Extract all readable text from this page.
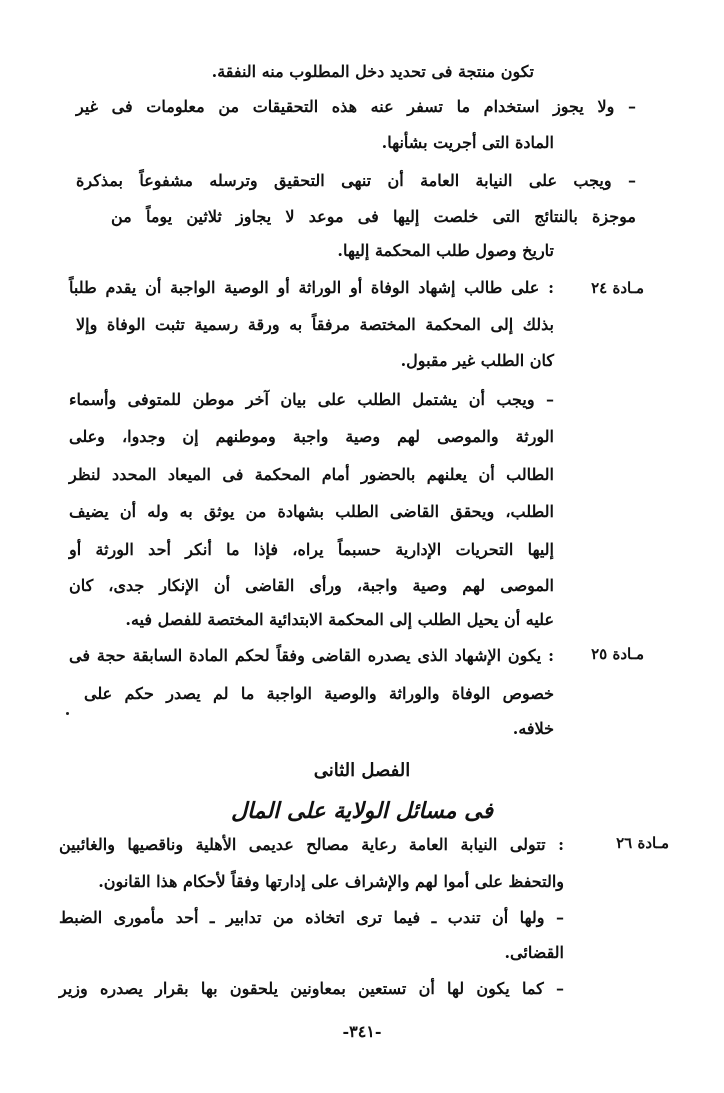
تكون منتجة فى تحديد دخل المطلوب منه النفقة.
– ولا يجوز استخدام ما تسفر عنه هذه التحقيقات من معلومات فى غير
المادة التى أجريت بشأنها.
– ويجب على النيابة العامة أن تنهى التحقيق وترسله مشفوعاً بمذكرة
موجزة بالنتائج التى خلصت إليها فى موعد لا يجاوز ثلاثين يوماً من
تاريخ وصول طلب المحكمة إليها.
مـادة ٢٤
: على طالب إشهاد الوفاة أو الوراثة أو الوصية الواجبة أن يقدم طلباً
بذلك إلى المحكمة المختصة مرفقاً به ورقة رسمية تثبت الوفاة وإلا
كان الطلب غير مقبول.
– ويجب أن يشتمل الطلب على بيان آخر موطن للمتوفى وأسماء
الورثة والموصى لهم وصية واجبة وموطنهم إن وجدوا، وعلى
الطالب أن يعلنهم بالحضور أمام المحكمة فى الميعاد المحدد لنظر
الطلب، ويحقق القاضى الطلب بشهادة من يوثق به وله أن يضيف
إليها التحريات الإدارية حسبماً يراه، فإذا ما أنكر أحد الورثة أو
الموصى لهم وصية واجبة، ورأى القاضى أن الإنكار جدى، كان
عليه أن يحيل الطلب إلى المحكمة الابتدائية المختصة للفصل فيه.
مـادة ٢٥
: يكون الإشهاد الذى يصدره القاضى وفقاً لحكم المادة السابقة حجة فى
خصوص الوفاة والوراثة والوصية الواجبة ما لم يصدر حكم على
خلافه.
الفصل الثانى
فى مسائل الولاية على المال
مـادة ٢٦
: تتولى النيابة العامة رعاية مصالح عديمى الأهلية وناقصيها والغائبين
والتحفظ على أموا لهم والإشراف على إدارتها وفقاً لأحكام هذا القانون.
– ولها أن تندب ـ فيما ترى اتخاذه من تدابير ـ أحد مأمورى الضبط
القضائى.
– كما يكون لها أن تستعين بمعاونين يلحقون بها بقرار يصدره وزير
-٣٤١-
